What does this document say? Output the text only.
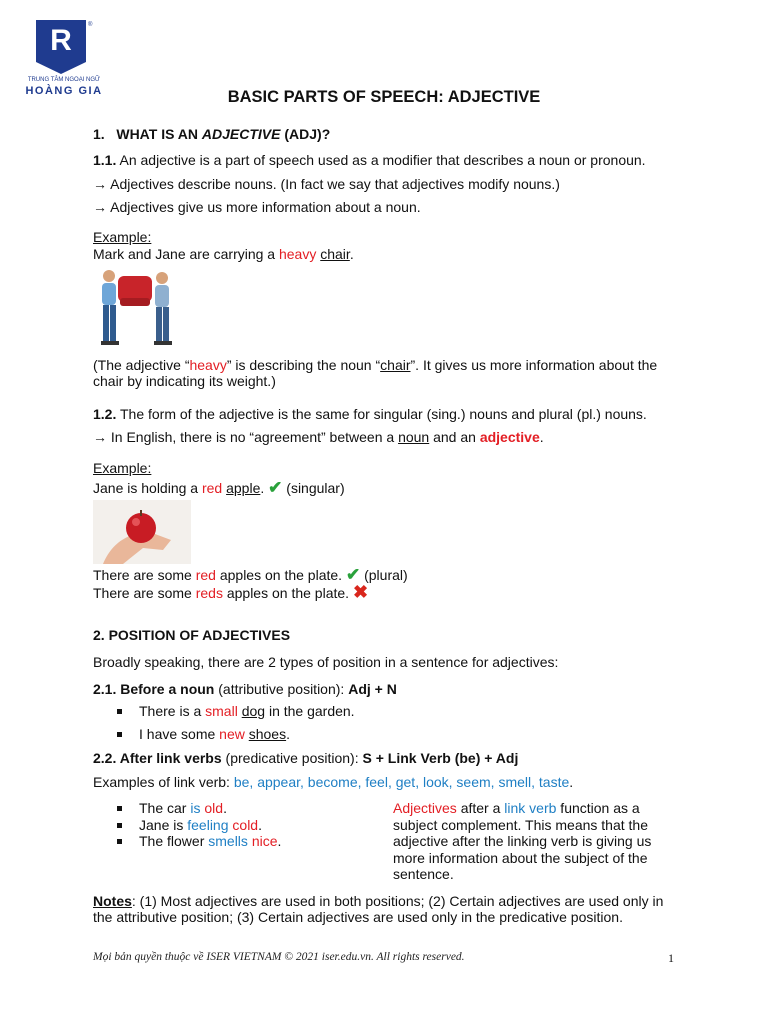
®
R
TRUNG TÂM NGOẠI NGỮ
HOÀNG GIA	BASIC PARTS OF SPEECH: ADJECTIVE
1. WHAT IS AN ADJECTIVE (ADJ)?
1.1. An adjective is a part of speech used as a modifier that describes a noun or pronoun.
→ Adjectives describe nouns. (In fact we say that adjectives modify nouns.)
→ Adjectives give us more information about a noun.
Example:
Mark and Jane are carrying a heavy chair.
(The adjective “heavy” is describing the noun “chair”. It gives us more information about the
chair by indicating its weight.)
1.2. The form of the adjective is the same for singular (sing.) nouns and plural (pl.) nouns.
→ In English, there is no “agreement” between a noun and an adjective.
Example:
Jane is holding a red apple. ✔ (singular)
There are some red apples on the plate. ✔ (plural)
There are some reds apples on the plate. ✖
2. POSITION OF ADJECTIVES
Broadly speaking, there are 2 types of position in a sentence for adjectives:
2.1. Before a noun (attributive position): Adj + N
There is a small dog in the garden.
I have some new shoes.
2.2. After link verbs (predicative position): S + Link Verb (be) + Adj
Examples of link verb: be, appear, become, feel, get, look, seem, smell, taste.
The car is old.
Jane is feeling cold.
The flower smells nice.
Adjectives after a link verb function as a
subject complement. This means that the
adjective after the linking verb is giving us
more information about the subject of the
sentence.
Notes: (1) Most adjectives are used in both positions; (2) Certain adjectives are used only in
the attributive position; (3) Certain adjectives are used only in the predicative position.
Mọi bản quyền thuộc về ISER VIETNAM © 2021 iser.edu.vn. All rights reserved.	1
